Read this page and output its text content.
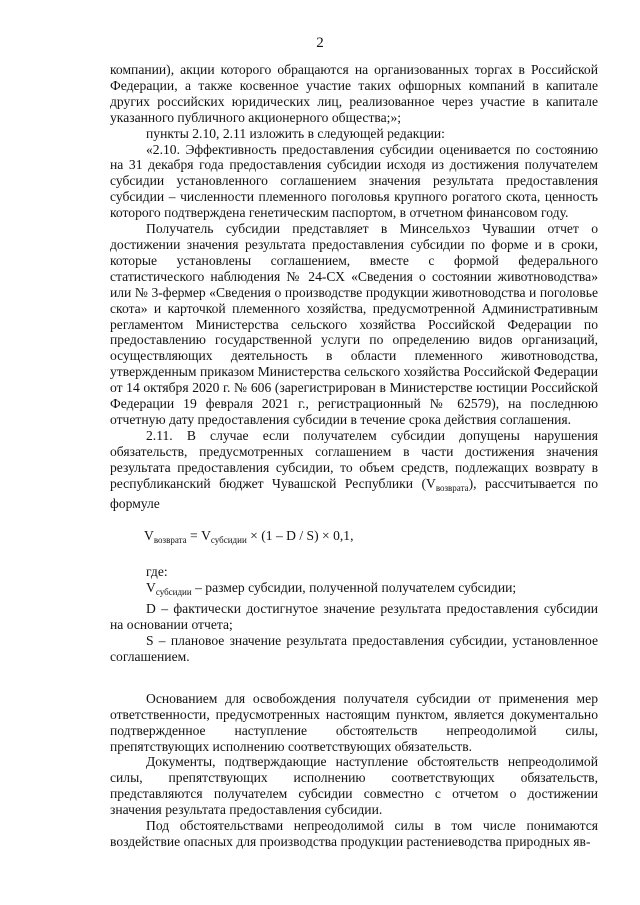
2

компании), акции которого обращаются на организованных торгах в Российской Федерации, а также косвенное участие таких офшорных компаний в капитале других российских юридических лиц, реализованное через участие в капитале указанного публичного акционерного общества;»;

пункты 2.10, 2.11 изложить в следующей редакции:

«2.10. Эффективность предоставления субсидии оценивается по состоянию на 31 декабря года предоставления субсидии исходя из достижения получателем субсидии установленного соглашением значения результата предоставления субсидии – численности племенного поголовья крупного рогатого скота, ценность которого подтверждена генетическим паспортом, в отчетном финансовом году.

Получатель субсидии представляет в Минсельхоз Чувашии отчет о достижении значения результата предоставления субсидии по форме и в сроки, которые установлены соглашением, вместе с формой федерального статистического наблюдения № 24-СХ «Сведения о состоянии животноводства» или № 3-фермер «Сведения о производстве продукции животноводства и поголовье скота» и карточкой племенного хозяйства, предусмотренной Административным регламентом Министерства сельского хозяйства Российской Федерации по предоставлению государственной услуги по определению видов организаций, осуществляющих деятельность в области племенного животноводства, утвержденным приказом Министерства сельского хозяйства Российской Федерации от 14 октября 2020 г. № 606 (зарегистрирован в Министерстве юстиции Российской Федерации 19 февраля 2021 г., регистрационный № 62579), на последнюю отчетную дату предоставления субсидии в течение срока действия соглашения.

2.11. В случае если получателем субсидии допущены нарушения обязательств, предусмотренных соглашением в части достижения значения результата предоставления субсидии, то объем средств, подлежащих возврату в республиканский бюджет Чувашской Республики $(V_{возврата})$, рассчитывается по формуле

$V_{возврата} = V_{субсидии} \times (1 - D / S) \times 0,1$,

где:

$V_{субсидии}$ – размер субсидии, полученной получателем субсидии;

D – фактически достигнутое значение результата предоставления субсидии на основании отчета;

S – плановое значение результата предоставления субсидии, установленное соглашением.

Основанием для освобождения получателя субсидии от применения мер ответственности, предусмотренных настоящим пунктом, является документально подтвержденное наступление обстоятельств непреодолимой силы, препятствующих исполнению соответствующих обязательств.

Документы, подтверждающие наступление обстоятельств непреодолимой силы, препятствующих исполнению соответствующих обязательств, представляются получателем субсидии совместно с отчетом о достижении значения результата предоставления субсидии.

Под обстоятельствами непреодолимой силы в том числе понимаются воздействие опасных для производства продукции растениеводства природных яв-
